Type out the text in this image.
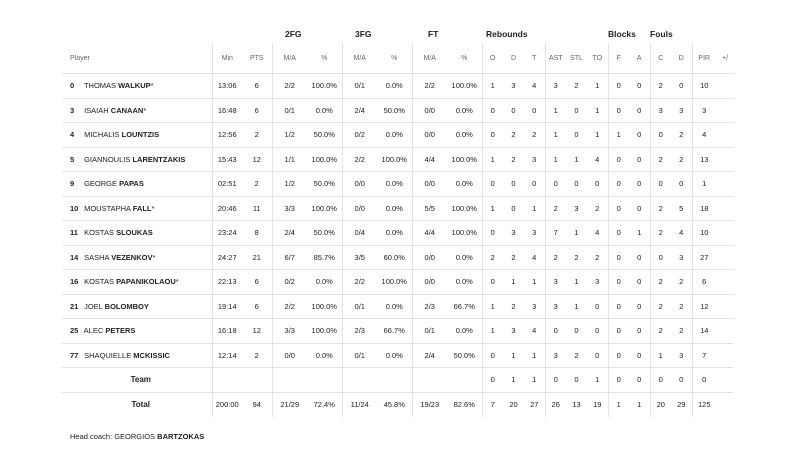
			2FG		3FG		FT		Rebounds						Blocks		Fouls			
Player	Min	PTS	M/A	%	M/A	%	M/A	%	O	D	T	AST	STL	TO	F	A	C	D	PIR	+/
0 THOMAS WALKUP*	13:06	6	2/2	100.0%	0/1	0.0%	2/2	100.0%	1	3	4	3	2	1	0	0	2	0	10	
3 ISAIAH CANAAN*	16:48	6	0/1	0.0%	2/4	50.0%	0/0	0.0%	0	0	0	1	0	1	0	0	3	3	3	
4 MICHALIS LOUNTZIS	12:56	2	1/2	50.0%	0/2	0.0%	0/0	0.0%	0	2	2	1	0	1	1	0	0	2	4	
5 GIANNOULIS LARENTZAKIS	15:43	12	1/1	100.0%	2/2	100.0%	4/4	100.0%	1	2	3	1	1	4	0	0	2	2	13	
9 GEORGE PAPAS	02:51	2	1/2	50.0%	0/0	0.0%	0/0	0.0%	0	0	0	0	0	0	0	0	0	0	1	
10 MOUSTAPHA FALL*	20:46	11	3/3	100.0%	0/0	0.0%	5/5	100.0%	1	0	1	2	3	2	0	0	2	5	18	
11 KOSTAS SLOUKAS	23:24	8	2/4	50.0%	0/4	0.0%	4/4	100.0%	0	3	3	7	1	4	0	1	2	4	10	
14 SASHA VEZENKOV*	24:27	21	6/7	85.7%	3/5	60.0%	0/0	0.0%	2	2	4	2	2	2	0	0	0	3	27	
16 KOSTAS PAPANIKOLAOU*	22:13	6	0/2	0.0%	2/2	100.0%	0/0	0.0%	0	1	1	3	1	3	0	0	2	2	6	
21 JOEL BOLOMBOY	19:14	6	2/2	100.0%	0/1	0.0%	2/3	66.7%	1	2	3	3	1	0	0	0	2	2	12	
25 ALEC PETERS	16:18	12	3/3	100.0%	2/3	66.7%	0/1	0.0%	1	3	4	0	0	0	0	0	2	2	14	
77 SHAQUIELLE MCKISSIC	12:14	2	0/0	0.0%	0/1	0.0%	2/4	50.0%	0	1	1	3	2	0	0	0	1	3	7	
Team									0	1	1	0	0	1	0	0	0	0	0	
Total	200:00	94	21/29	72.4%	11/24	45.8%	19/23	82.6%	7	20	27	26	13	19	1	1	20	29	125	
Head coach: GEORGIOS BARTZOKAS
